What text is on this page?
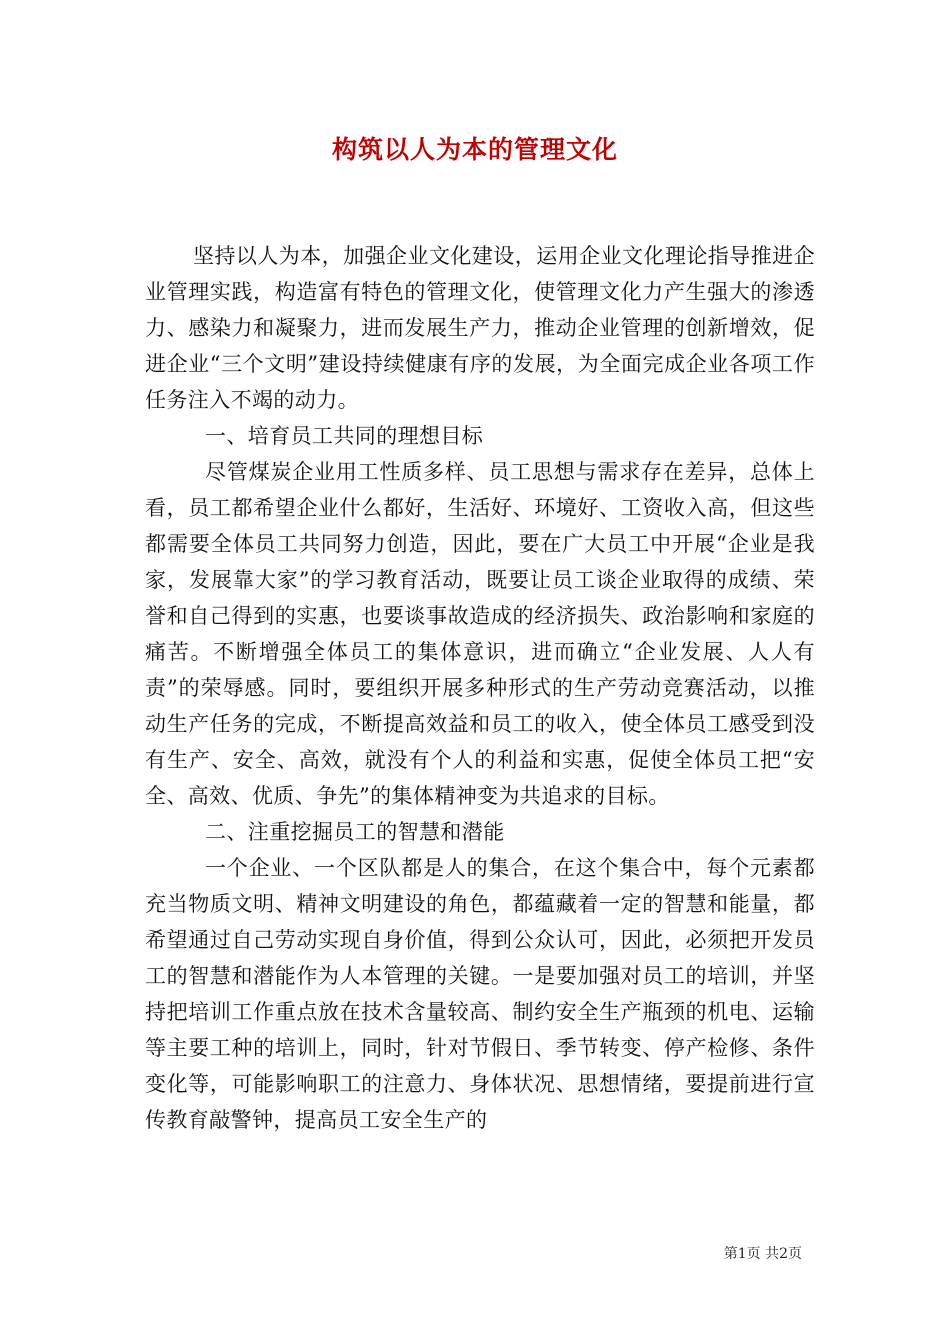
构筑以人为本的管理文化

坚持以人为本，加强企业文化建设，运用企业文化理论指导推进企业管理实践，构造富有特色的管理文化，使管理文化力产生强大的渗透力、感染力和凝聚力，进而发展生产力，推动企业管理的创新增效，促进企业“三个文明”建设持续健康有序的发展，为全面完成企业各项工作任务注入不竭的动力。

一、培育员工共同的理想目标

尽管煤炭企业用工性质多样、员工思想与需求存在差异，总体上看，员工都希望企业什么都好，生活好、环境好、工资收入高，但这些都需要全体员工共同努力创造，因此，要在广大员工中开展“企业是我家，发展靠大家”的学习教育活动，既要让员工谈企业取得的成绩、荣誉和自己得到的实惠，也要谈事故造成的经济损失、政治影响和家庭的痛苦。不断增强全体员工的集体意识，进而确立“企业发展、人人有责”的荣辱感。同时，要组织开展多种形式的生产劳动竞赛活动，以推动生产任务的完成，不断提高效益和员工的收入，使全体员工感受到没有生产、安全、高效，就没有个人的利益和实惠，促使全体员工把“安全、高效、优质、争先”的集体精神变为共追求的目标。

二、注重挖掘员工的智慧和潜能

一个企业、一个区队都是人的集合，在这个集合中，每个元素都充当物质文明、精神文明建设的角色，都蕴藏着一定的智慧和能量，都希望通过自己劳动实现自身价值，得到公众认可，因此，必须把开发员工的智慧和潜能作为人本管理的关键。一是要加强对员工的培训，并坚持把培训工作重点放在技术含量较高、制约安全生产瓶颈的机电、运输等主要工种的培训上，同时，针对节假日、季节转变、停产检修、条件变化等，可能影响职工的注意力、身体状况、思想情绪，要提前进行宣传教育敲警钟，提高员工安全生产的

第1页 共2页
